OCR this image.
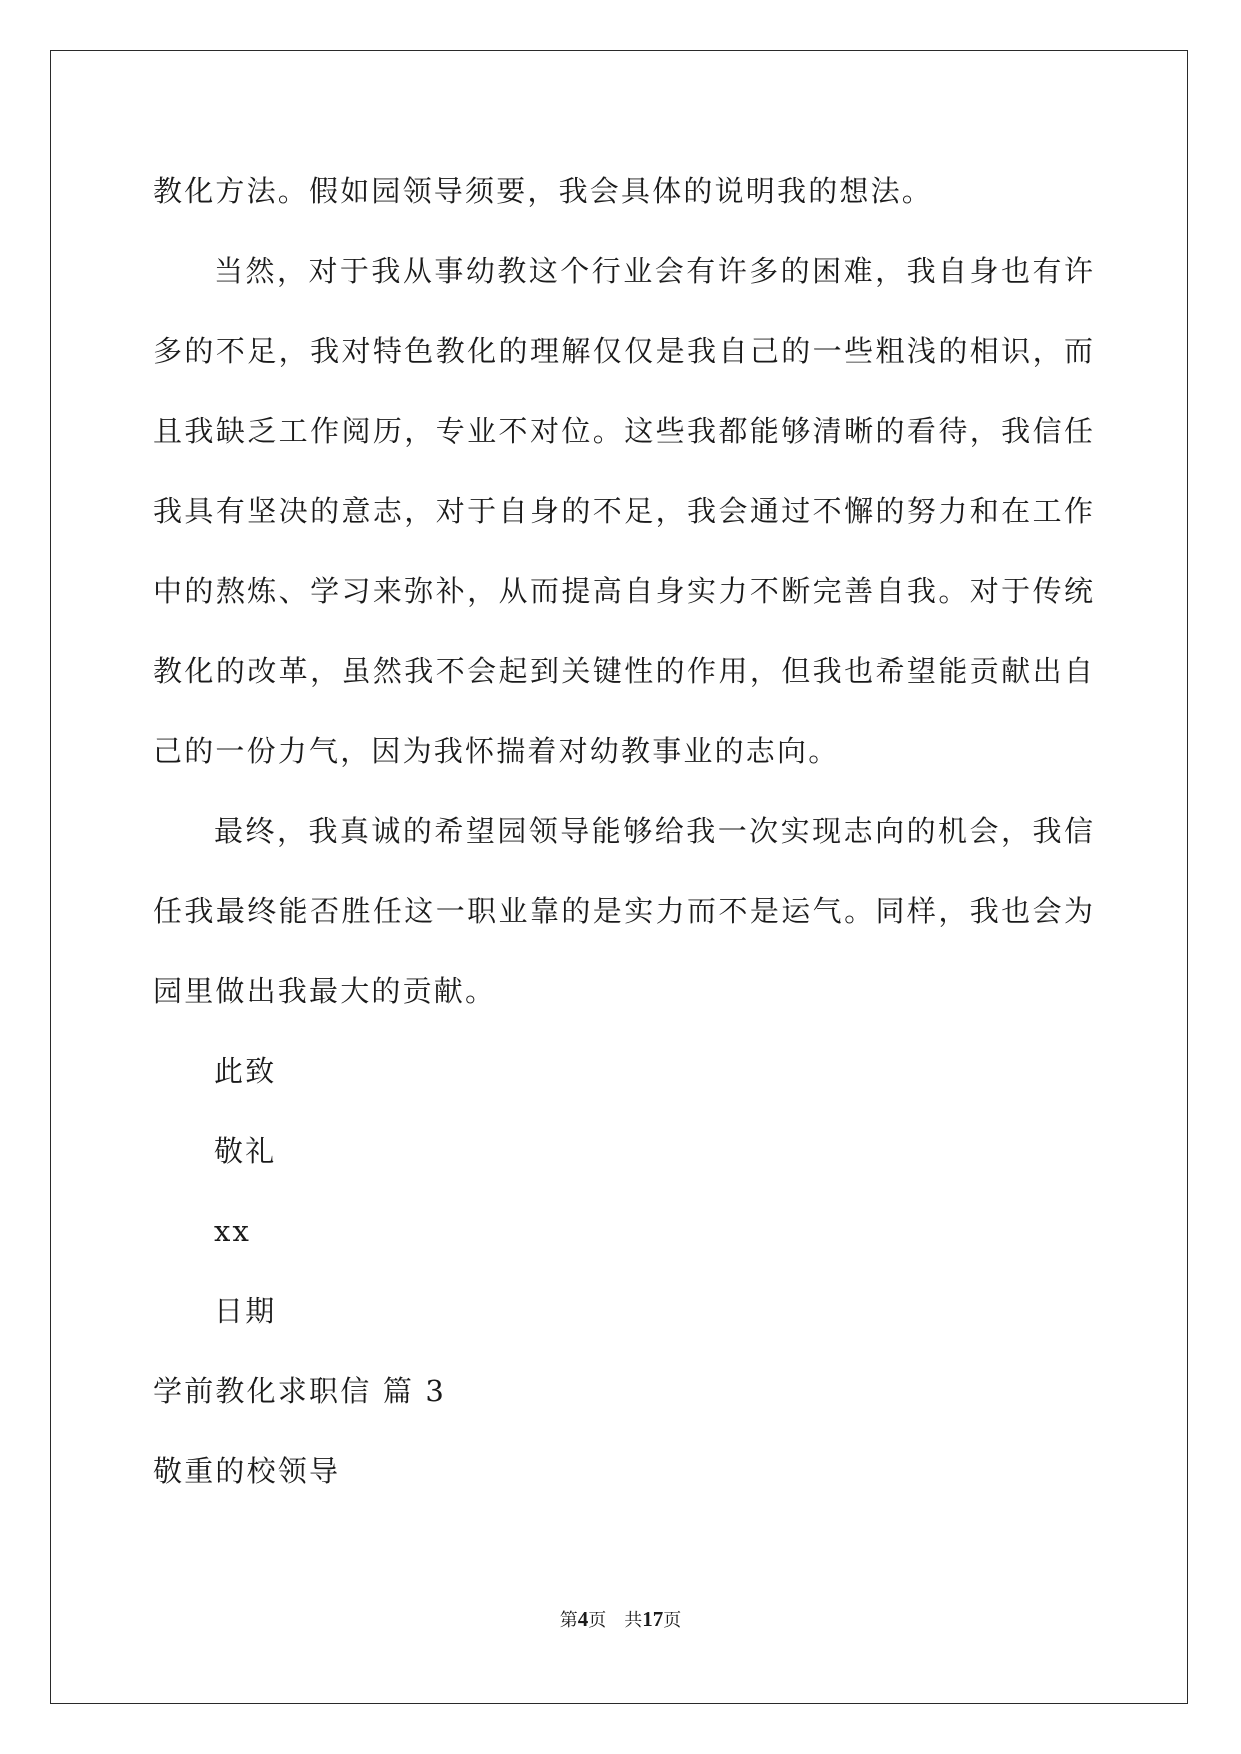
教化方法。假如园领导须要，我会具体的说明我的想法。
当然，对于我从事幼教这个行业会有许多的困难，我自身也有许
多的不足，我对特色教化的理解仅仅是我自己的一些粗浅的相识，而
且我缺乏工作阅历，专业不对位。这些我都能够清晰的看待，我信任
我具有坚决的意志，对于自身的不足，我会通过不懈的努力和在工作
中的熬炼、学习来弥补，从而提高自身实力不断完善自我。对于传统
教化的改革，虽然我不会起到关键性的作用，但我也希望能贡献出自
己的一份力气，因为我怀揣着对幼教事业的志向。
最终，我真诚的希望园领导能够给我一次实现志向的机会，我信
任我最终能否胜任这一职业靠的是实力而不是运气。同样，我也会为
园里做出我最大的贡献。
此致
敬礼
xx
日期
学前教化求职信 篇 3
敬重的校领导
第4页　共17页
